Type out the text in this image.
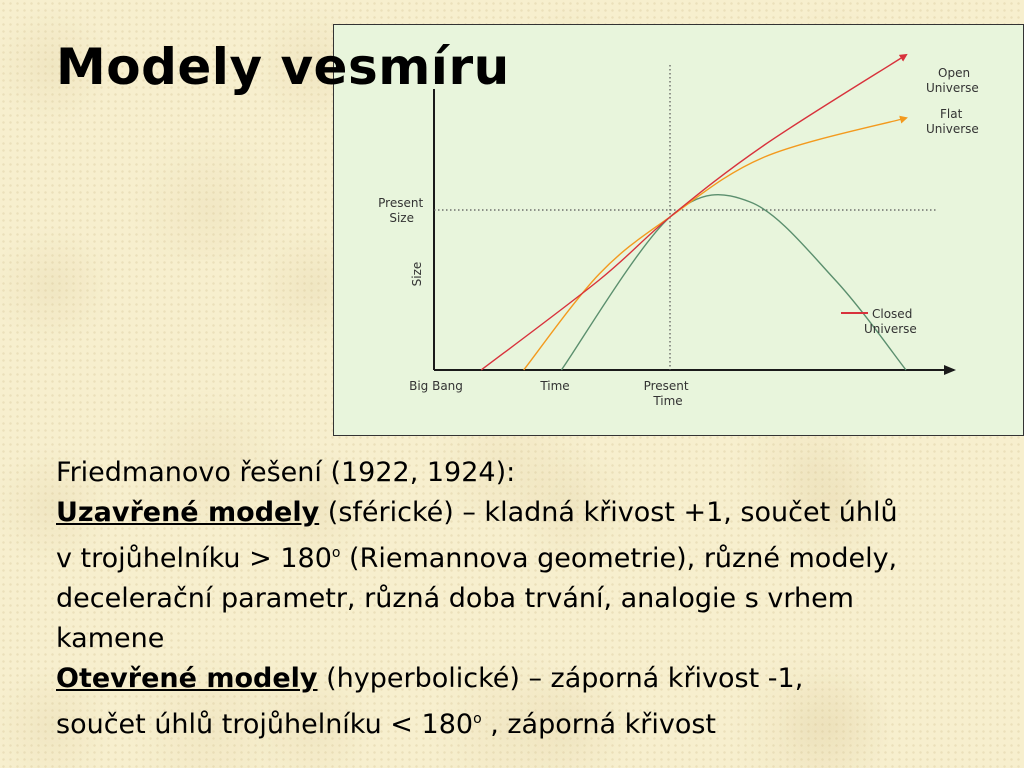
Modely vesmíru
Present Size
Size
Big Bang	Time	Present Time
Open Universe
Flat Universe
Closed Universe

Friedmanovo řešení (1922, 1924):

Uzavřené modely (sférické) – kladná křivost +1, součet úhlů

v trojůhelníku > $180^o$ (Riemannova geometrie), různé modely,

decelerační parametr, různá doba trvání, analogie s vrhem

kamene

Otevřené modely (hyperbolické) – záporná křivost -1,

součet úhlů trojůhelníku < $180^o$ , záporná křivost
